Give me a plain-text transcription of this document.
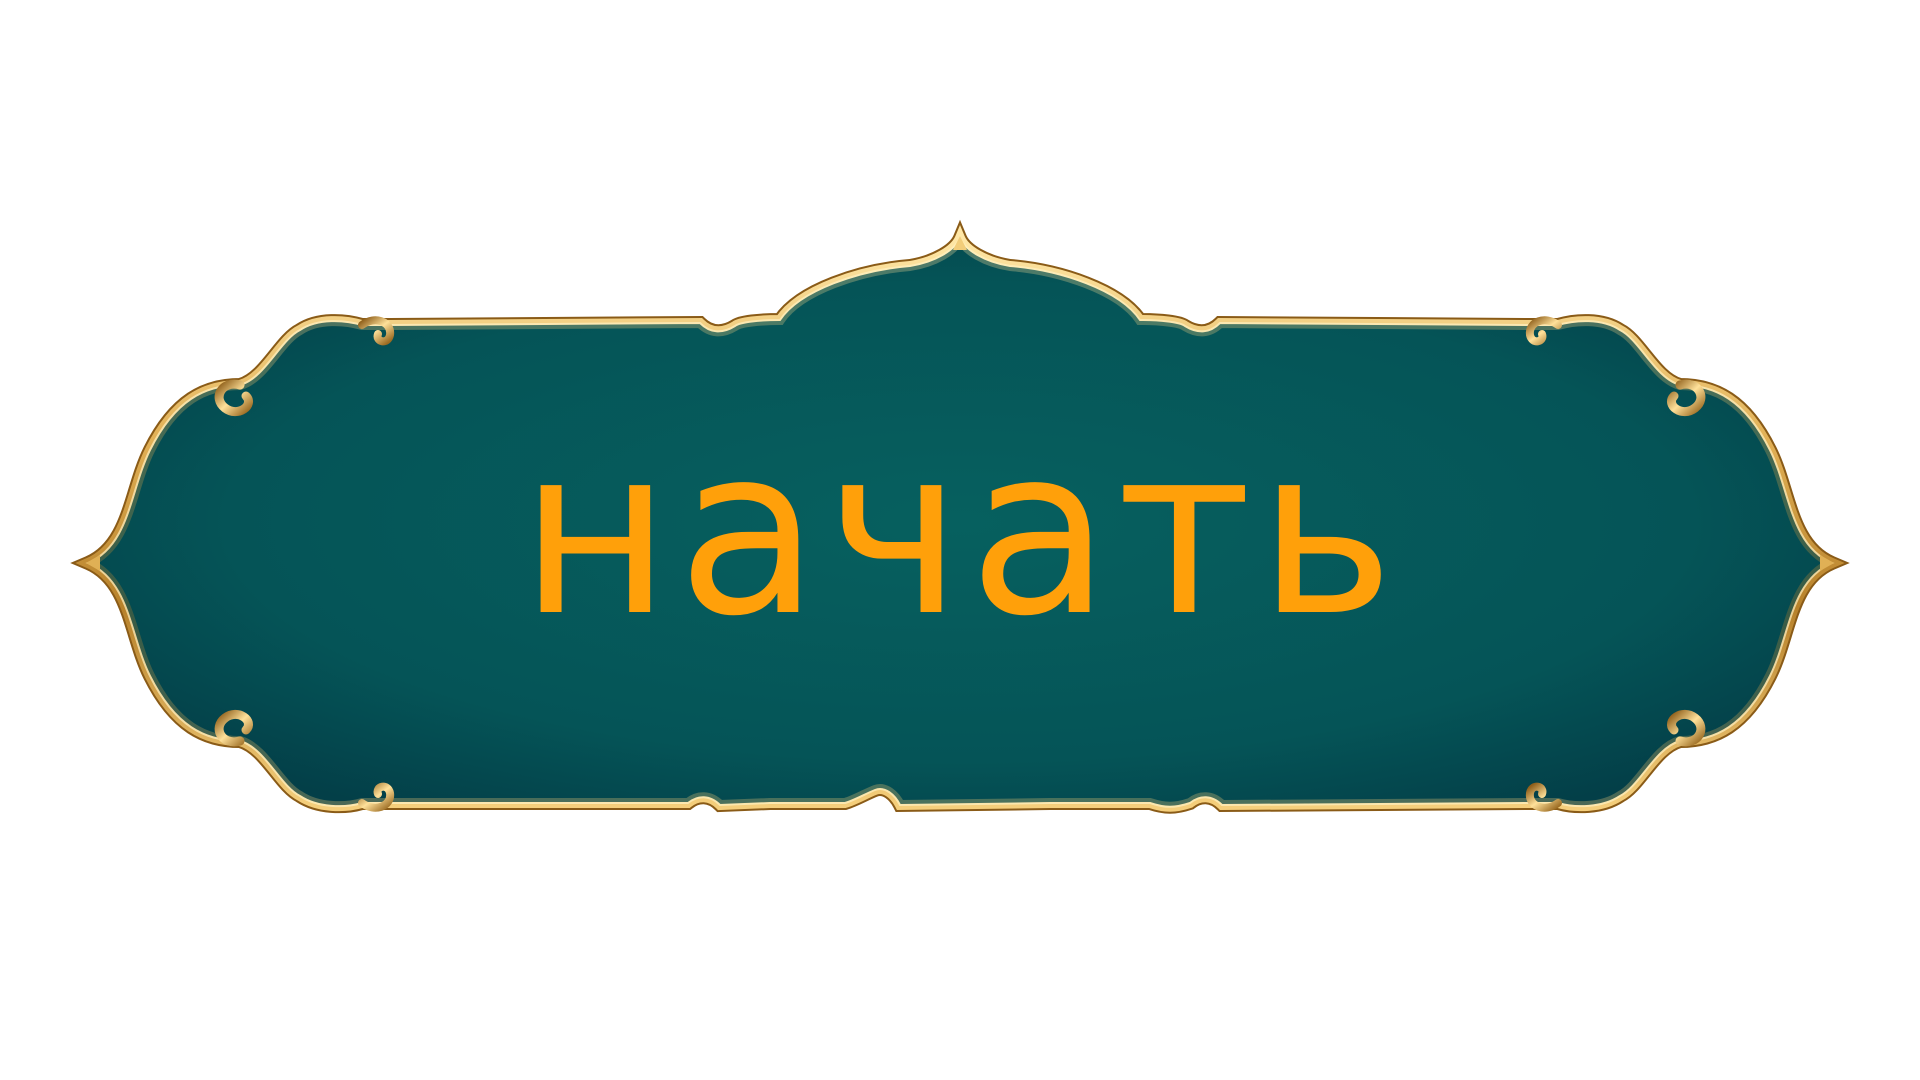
начать
